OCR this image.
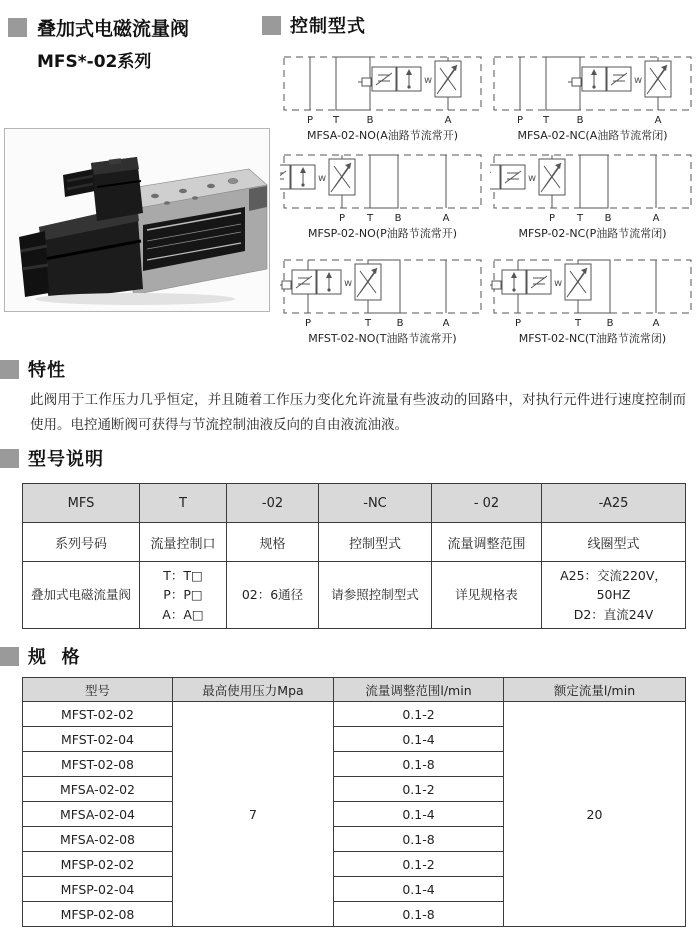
叠加式电磁流量阀
MFS*-02系列
控制型式
w
P T	B	A
MFSA-02-NO(A油路节流常开)
w
P T	B	A
MFSA-02-NC(A油路节流常闭)
w
P T B	A
MFSP-02-NO(P油路节流常开)
w
P T B	A
MFSP-02-NC(P油路节流常闭)
w
P	T	B	A
MFST-02-NO(T油路节流常开)
w
P	T	B	A
MFST-02-NC(T油路节流常闭)
特性
此阀用于工作压力几乎恒定，并且随着工作压力变化允许流量有些波动的回路中，对执行元件进行速度控制而使用。电控通断阀可获得与节流控制油液反向的自由液流油液。
型号说明
MFS	T	-02	-NC	- 02	-A25
系列号码	流量控制口	规格	控制型式	流量调整范围	线圈型式
叠加式电磁流量阀	T：T□
P：P□
A：A□	02：6通径	请参照控制型式	详见规格表	A25：交流220V，50HZ
D2：直流24V
规  格
型号	最高使用压力Mpa	流量调整范围l/min	额定流量l/min
MFST-02-02	7	0.1-2	20
MFST-02-04		0.1-4	
MFST-02-08		0.1-8	
MFSA-02-02		0.1-2	
MFSA-02-04		0.1-4	
MFSA-02-08		0.1-8	
MFSP-02-02		0.1-2	
MFSP-02-04		0.1-4	
MFSP-02-08		0.1-8	
